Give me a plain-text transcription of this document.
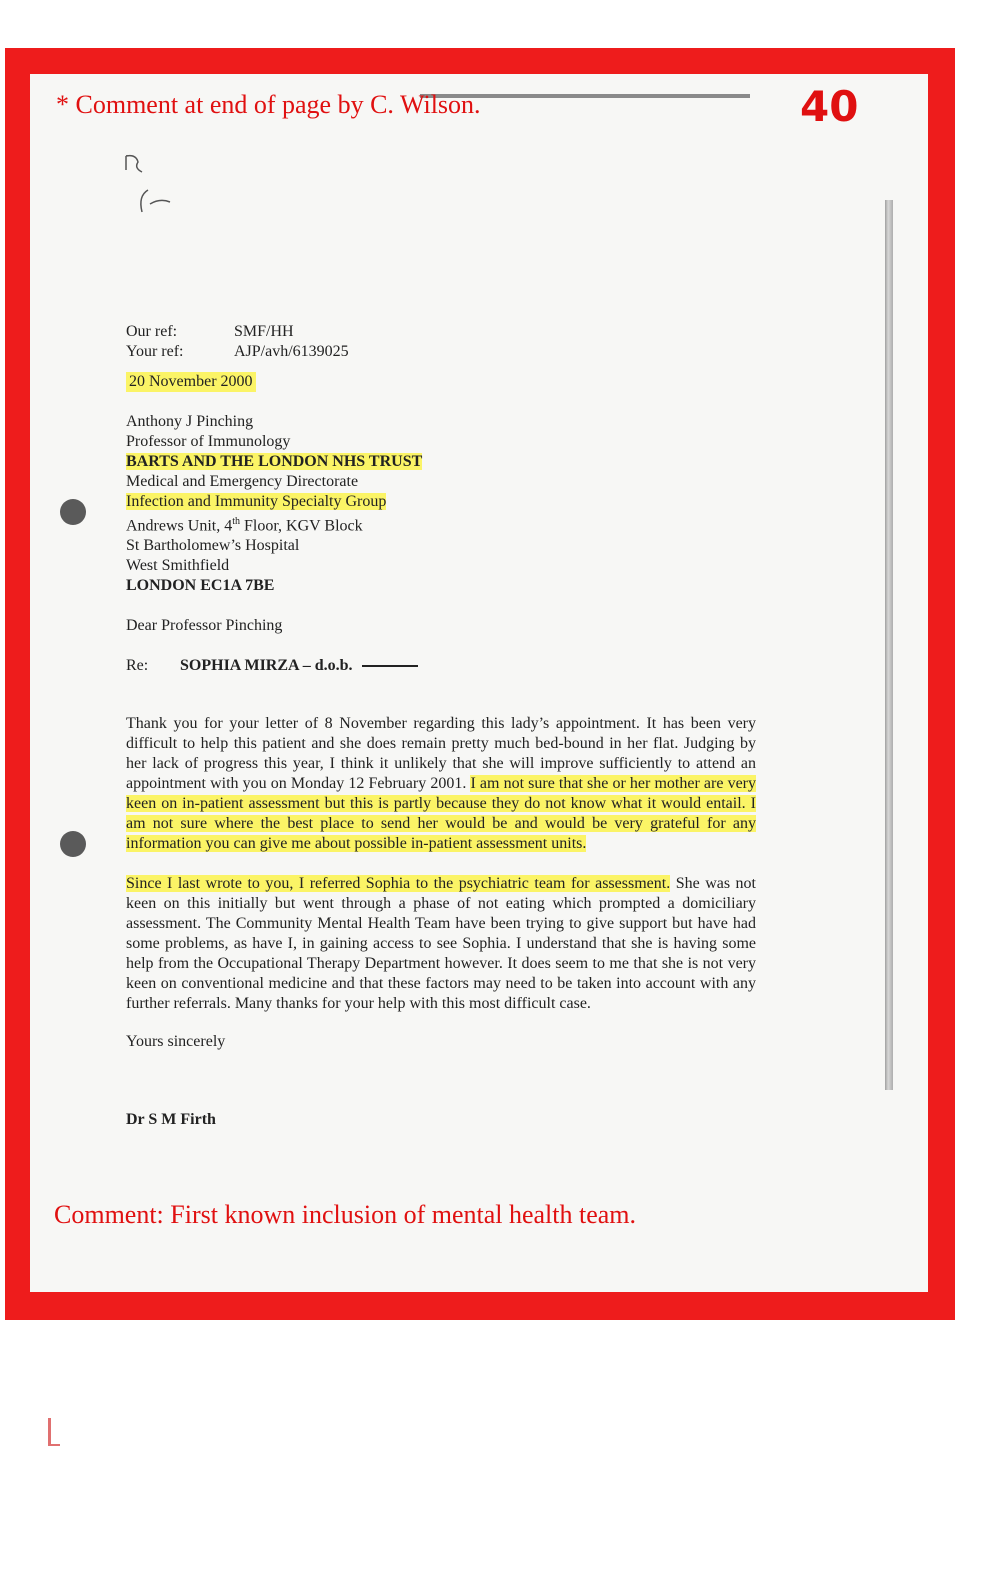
* Comment at end of page by C. Wilson.	40
Our ref:	SMF/HH
Your ref:	AJP/avh/6139025
20 November 2000
Anthony J Pinching
Professor of Immunology
BARTS AND THE LONDON NHS TRUST
Medical and Emergency Directorate
Infection and Immunity Specialty Group
Andrews Unit, 4th Floor, KGV Block
St Bartholomew’s Hospital
West Smithfield
LONDON EC1A 7BE
Dear Professor Pinching
Re:	SOPHIA MIRZA – d.o.b.
Thank you for your letter of 8 November regarding this lady’s appointment. It has been very difficult to help this patient and she does remain pretty much bed-bound in her flat. Judging by her lack of progress this year, I think it unlikely that she will improve sufficiently to attend an appointment with you on Monday 12 February 2001. I am not sure that she or her mother are very keen on in-patient assessment but this is partly because they do not know what it would entail. I am not sure where the best place to send her would be and would be very grateful for any information you can give me about possible in-patient assessment units.
Since I last wrote to you, I referred Sophia to the psychiatric team for assessment. She was not keen on this initially but went through a phase of not eating which prompted a domiciliary assessment. The Community Mental Health Team have been trying to give support but have had some problems, as have I, in gaining access to see Sophia. I understand that she is having some help from the Occupational Therapy Department however. It does seem to me that she is not very keen on conventional medicine and that these factors may need to be taken into account with any further referrals. Many thanks for your help with this most difficult case.
Yours sincerely
Dr S M Firth
Comment: First known inclusion of mental health team.
